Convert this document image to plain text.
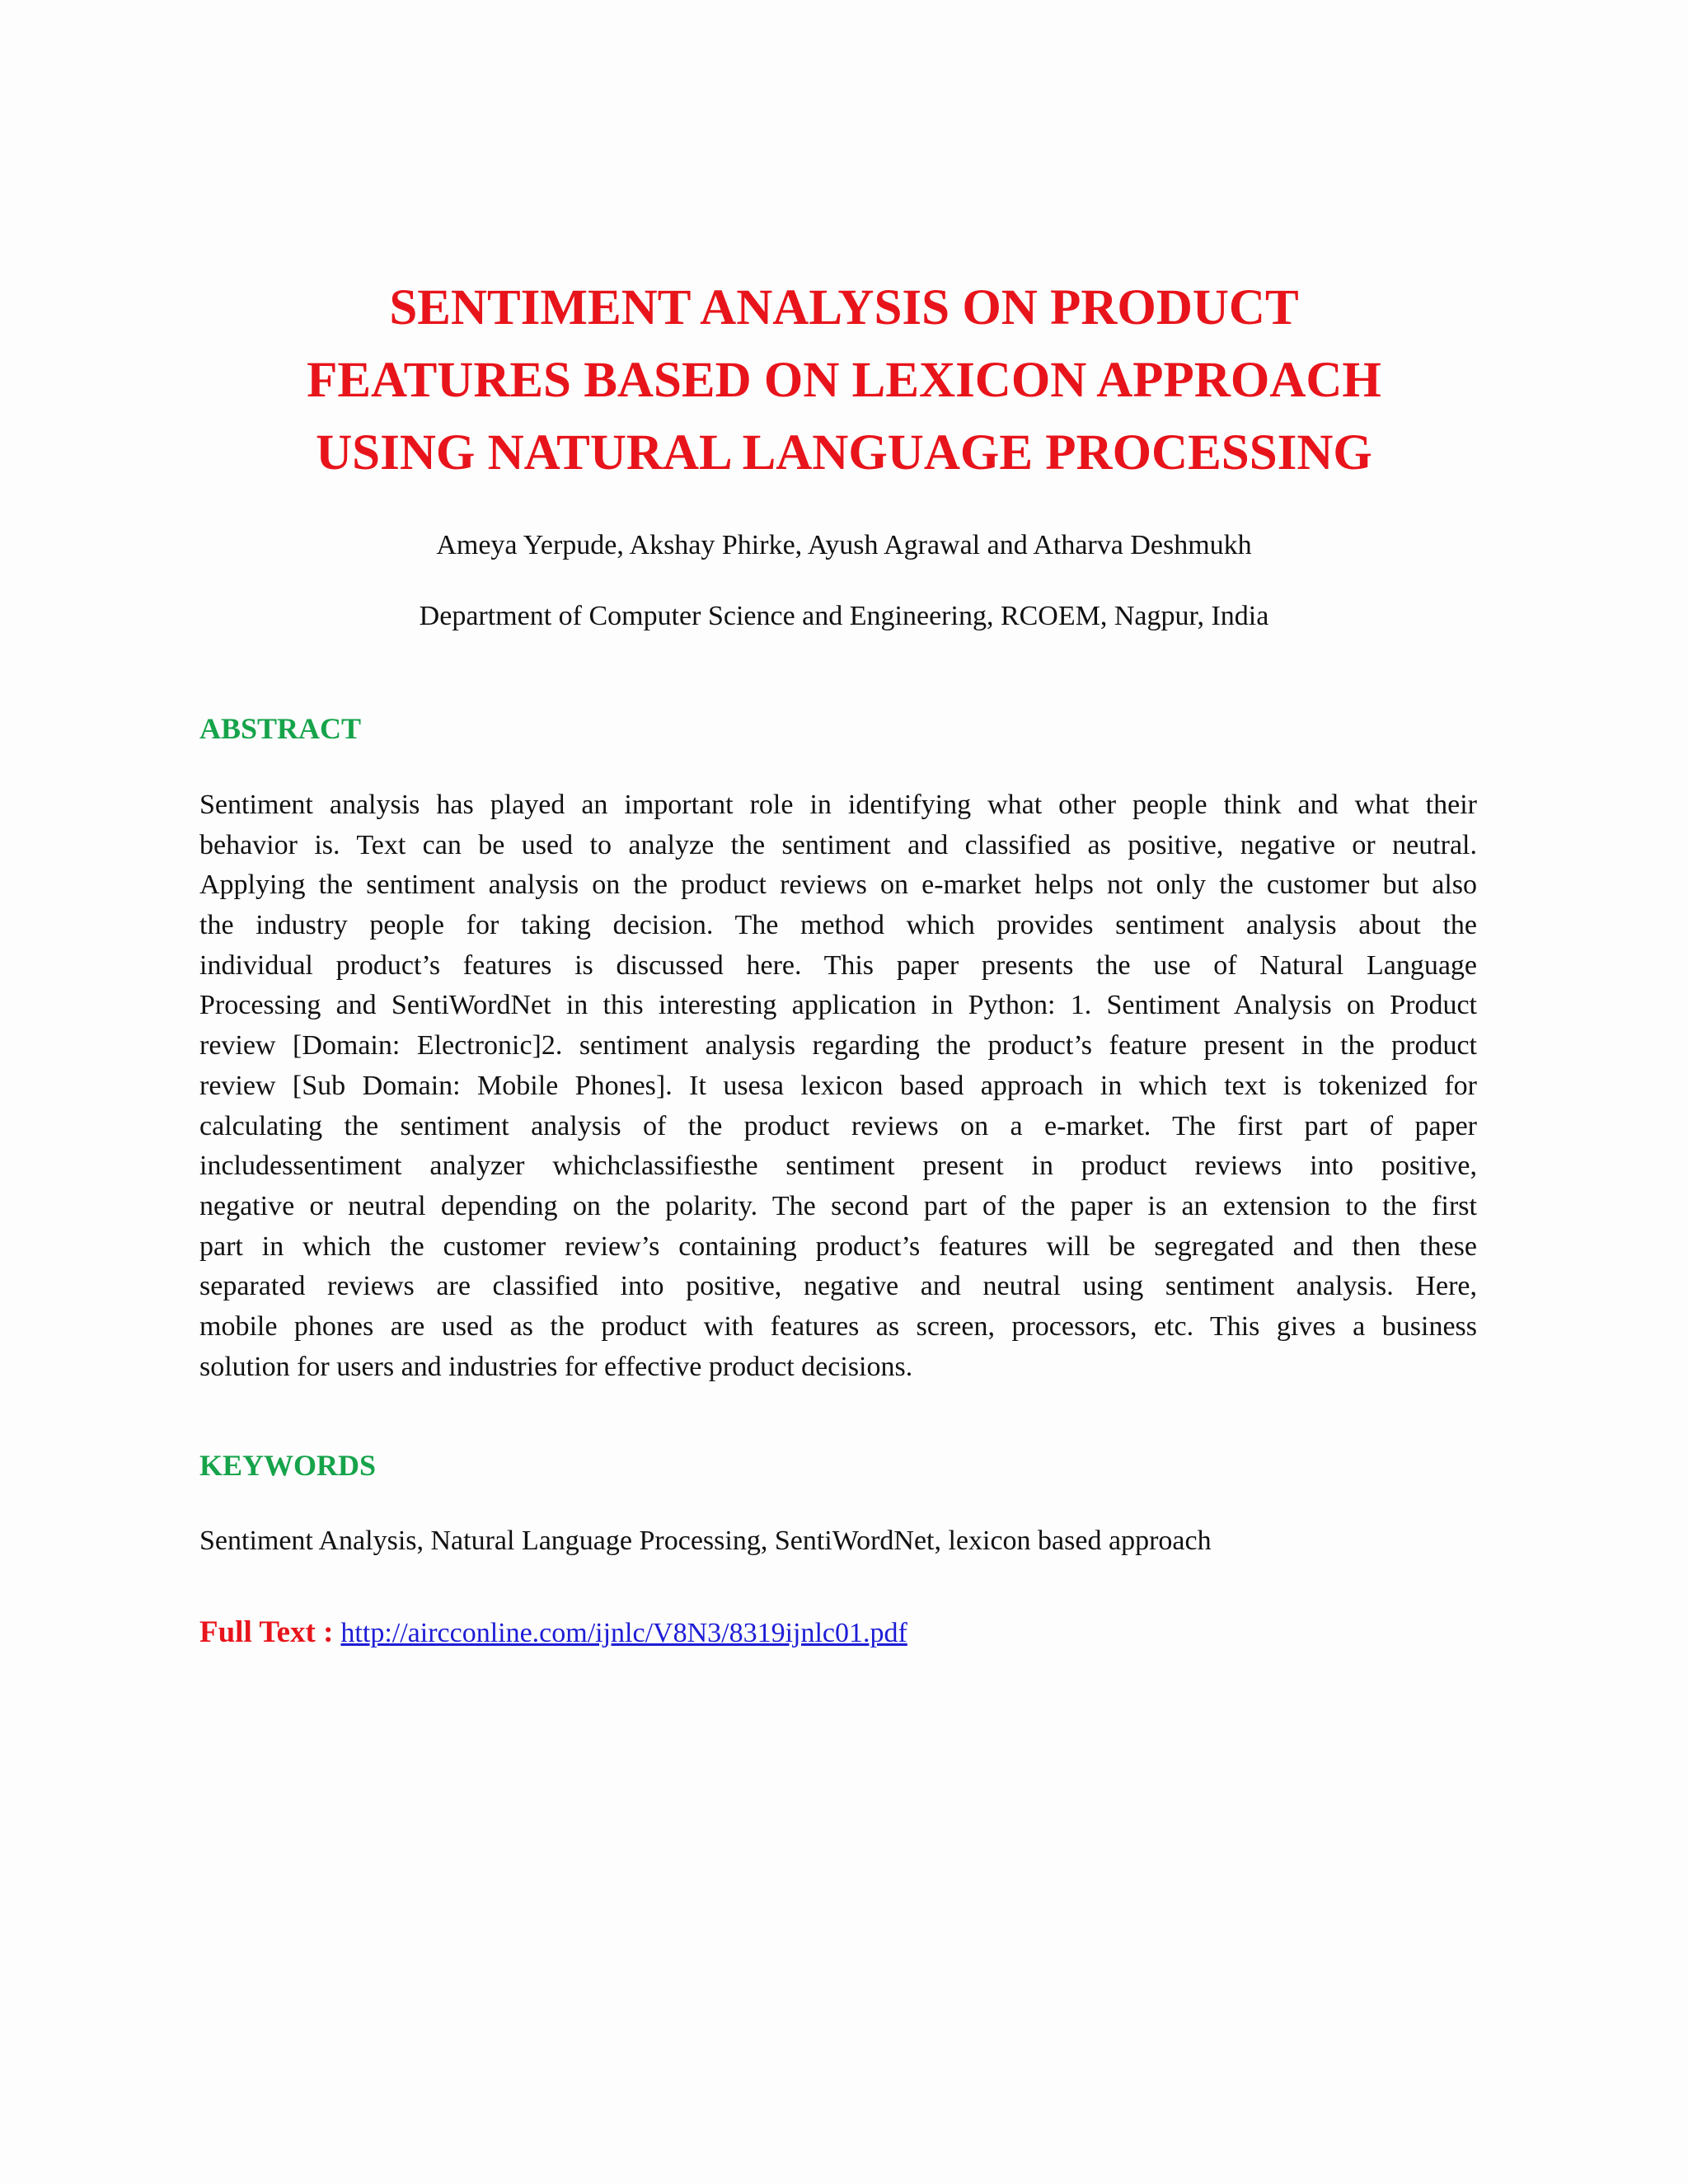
SENTIMENT ANALYSIS ON PRODUCT
FEATURES BASED ON LEXICON APPROACH
USING NATURAL LANGUAGE PROCESSING
Ameya Yerpude, Akshay Phirke, Ayush Agrawal and Atharva Deshmukh
Department of Computer Science and Engineering, RCOEM, Nagpur, India
ABSTRACT
Sentiment analysis has played an important role in identifying what other people think and what their
behavior is. Text can be used to analyze the sentiment and classified as positive, negative or neutral.
Applying the sentiment analysis on the product reviews on e-market helps not only the customer but also
the industry people for taking decision. The method which provides sentiment analysis about the
individual product’s features is discussed here. This paper presents the use of Natural Language
Processing and SentiWordNet in this interesting application in Python: 1. Sentiment Analysis on Product
review [Domain: Electronic]2. sentiment analysis regarding the product’s feature present in the product
review [Sub Domain: Mobile Phones]. It usesa lexicon based approach in which text is tokenized for
calculating the sentiment analysis of the product reviews on a e-market. The first part of paper
includessentiment analyzer whichclassifiesthe sentiment present in product reviews into positive,
negative or neutral depending on the polarity. The second part of the paper is an extension to the first
part in which the customer review’s containing product’s features will be segregated and then these
separated reviews are classified into positive, negative and neutral using sentiment analysis. Here,
mobile phones are used as the product with features as screen, processors, etc. This gives a business
solution for users and industries for effective product decisions.
KEYWORDS

Sentiment Analysis, Natural Language Processing, SentiWordNet, lexicon based approach

Full Text : http://aircconline.com/ijnlc/V8N3/8319ijnlc01.pdf
